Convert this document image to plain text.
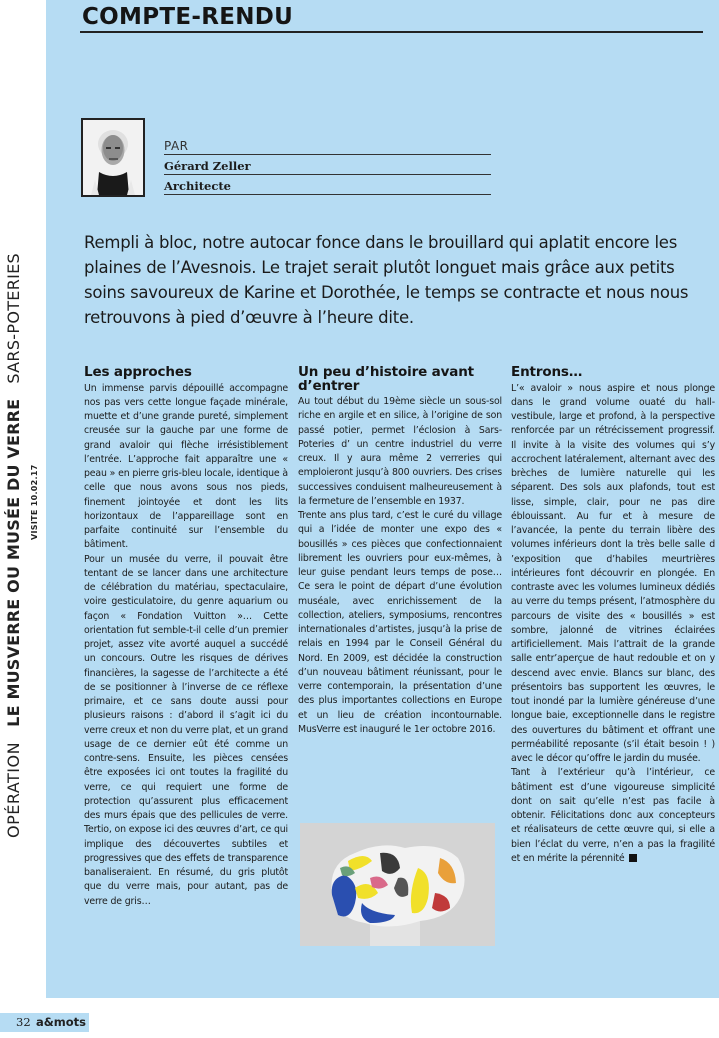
COMPTE-RENDU
OPÉRATION LE MUSVERRE OU MUSÉE DU VERRE SARS-POTERIES
VISITE 10.02.17
PAR
Gérard Zeller
Architecte
Rempli à bloc, notre autocar fonce dans le brouillard qui aplatit encore les plaines de l’Avesnois. Le trajet serait plutôt longuet mais grâce aux petits soins savoureux de Karine et Dorothée, le temps se contracte et nous nous retrouvons à pied d’œuvre à l’heure dite.
Les approches

Un immense parvis dépouillé accompagne nos pas vers cette longue façade minérale, muette et d’une grande pureté, simplement creusée sur la gauche par une forme de grand avaloir qui flèche irrésistiblement l’entrée. L’approche fait apparaître une « peau » en pierre gris-bleu locale, identique à celle que nous avons sous nos pieds, finement jointoyée et dont les lits horizontaux de l’appareillage sont en parfaite continuité sur l’ensemble du bâtiment.

Pour un musée du verre, il pouvait être tentant de se lancer dans une architecture de célébration du matériau, spectaculaire, voire gesticulatoire, du genre aquarium ou façon « Fondation Vuitton »… Cette orientation fut semble-t-il celle d’un premier projet, assez vite avorté auquel a succédé un concours. Outre les risques de dérives financières, la sagesse de l’architecte a été de se positionner à l’inverse de ce réflexe primaire, et ce sans doute aussi pour plusieurs raisons : d’abord il s’agit ici du verre creux et non du verre plat, et un grand usage de ce dernier eût été comme un contre-sens. Ensuite, les pièces censées être exposées ici ont toutes la fragilité du verre, ce qui requiert une forme de protection qu’assurent plus efficacement des murs épais que des pellicules de verre. Tertio, on expose ici des œuvres d’art, ce qui implique des découvertes subtiles et progressives que des effets de transparence banaliseraient. En résumé, du gris plutôt que du verre mais, pour autant, pas de verre de gris…

Un peu d’histoire avant d’entrer

Au tout début du 19ème siècle un sous-sol riche en argile et en silice, à l’origine de son passé potier, permet l’éclosion à Sars-Poteries d’ un centre industriel du verre creux. Il y aura même 2 verreries qui emploieront jusqu’à 800 ouvriers. Des crises successives conduisent malheureusement à la fermeture de l’ensemble en 1937.

Trente ans plus tard, c’est le curé du village qui a l’idée de monter une expo des « bousillés » ces pièces que confectionnaient librement les ouvriers pour eux-mêmes, à leur guise pendant leurs temps de pose… Ce sera le point de départ d’une évolution muséale, avec enrichissement de la collection, ateliers, symposiums, rencontres internationales d’artistes, jusqu’à la prise de relais en 1994 par le Conseil Général du Nord. En 2009, est décidée la construction d’un nouveau bâtiment réunissant, pour le verre contemporain, la présentation d’une des plus importantes collections en Europe et un lieu de création incontournable. MusVerre est inauguré le 1er octobre 2016.

Entrons…

L’« avaloir » nous aspire et nous plonge dans le grand volume ouaté du hall-vestibule, large et profond, à la perspective renforcée par un rétrécissement progressif. Il invite à la visite des volumes qui s’y accrochent latéralement, alternant avec des brèches de lumière naturelle qui les séparent. Des sols aux plafonds, tout est lisse, simple, clair, pour ne pas dire éblouissant. Au fur et à mesure de l’avancée, la pente du terrain libère des volumes inférieurs dont la très belle salle d ’exposition que d’habiles meurtrières intérieures font découvrir en plongée. En contraste avec les volumes lumineux dédiés au verre du temps présent, l’atmosphère du parcours de visite des « bousillés » est sombre, jalonné de vitrines éclairées artificiellement. Mais l’attrait de la grande salle entr’aperçue de haut redouble et on y descend avec envie. Blancs sur blanc, des présentoirs bas supportent les œuvres, le tout inondé par la lumière généreuse d’une longue baie, exceptionnelle dans le registre des ouvertures du bâtiment et offrant une perméabilité reposante (s’il était besoin ! ) avec le décor qu’offre le jardin du musée.

Tant à l’extérieur qu’à l’intérieur, ce bâtiment est d’une vigoureuse simplicité dont on sait qu’elle n’est pas facile à obtenir. Félicitations donc aux concepteurs et réalisateurs de cette œuvre qui, si elle a bien l’éclat du verre, n’en a pas la fragilité et en mérite la pérennité

32 a&mots
